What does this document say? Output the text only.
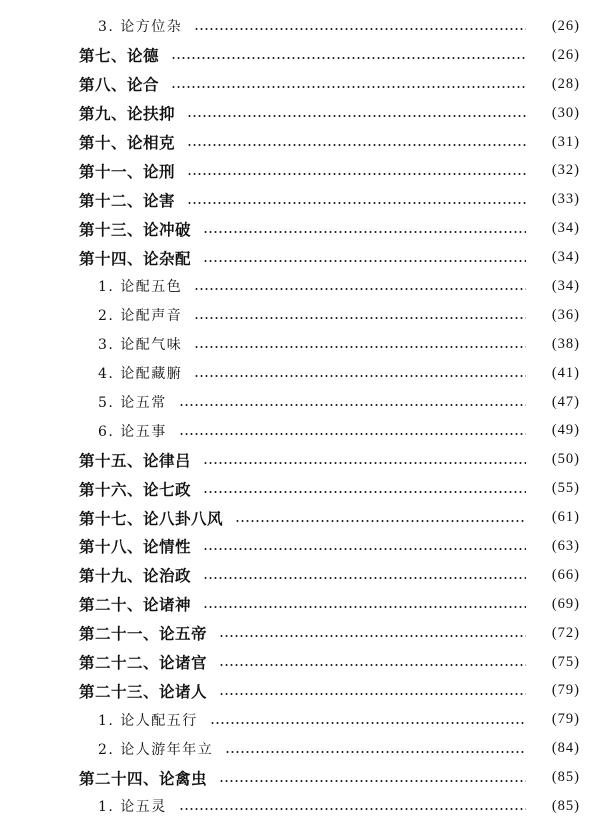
3. 论方位杂	(26)
第七、论德	(26)
第八、论合	(28)
第九、论扶抑	(30)
第十、论相克	(31)
第十一、论刑	(32)
第十二、论害	(33)
第十三、论冲破	(34)
第十四、论杂配	(34)
1. 论配五色	(34)
2. 论配声音	(36)
3. 论配气味	(38)
4. 论配藏腑	(41)
5. 论五常	(47)
6. 论五事	(49)
第十五、论律吕	(50)
第十六、论七政	(55)
第十七、论八卦八风	(61)
第十八、论情性	(63)
第十九、论治政	(66)
第二十、论诸神	(69)
第二十一、论五帝	(72)
第二十二、论诸官	(75)
第二十三、论诸人	(79)
1. 论人配五行	(79)
2. 论人游年年立	(84)
第二十四、论禽虫	(85)
1. 论五灵	(85)
